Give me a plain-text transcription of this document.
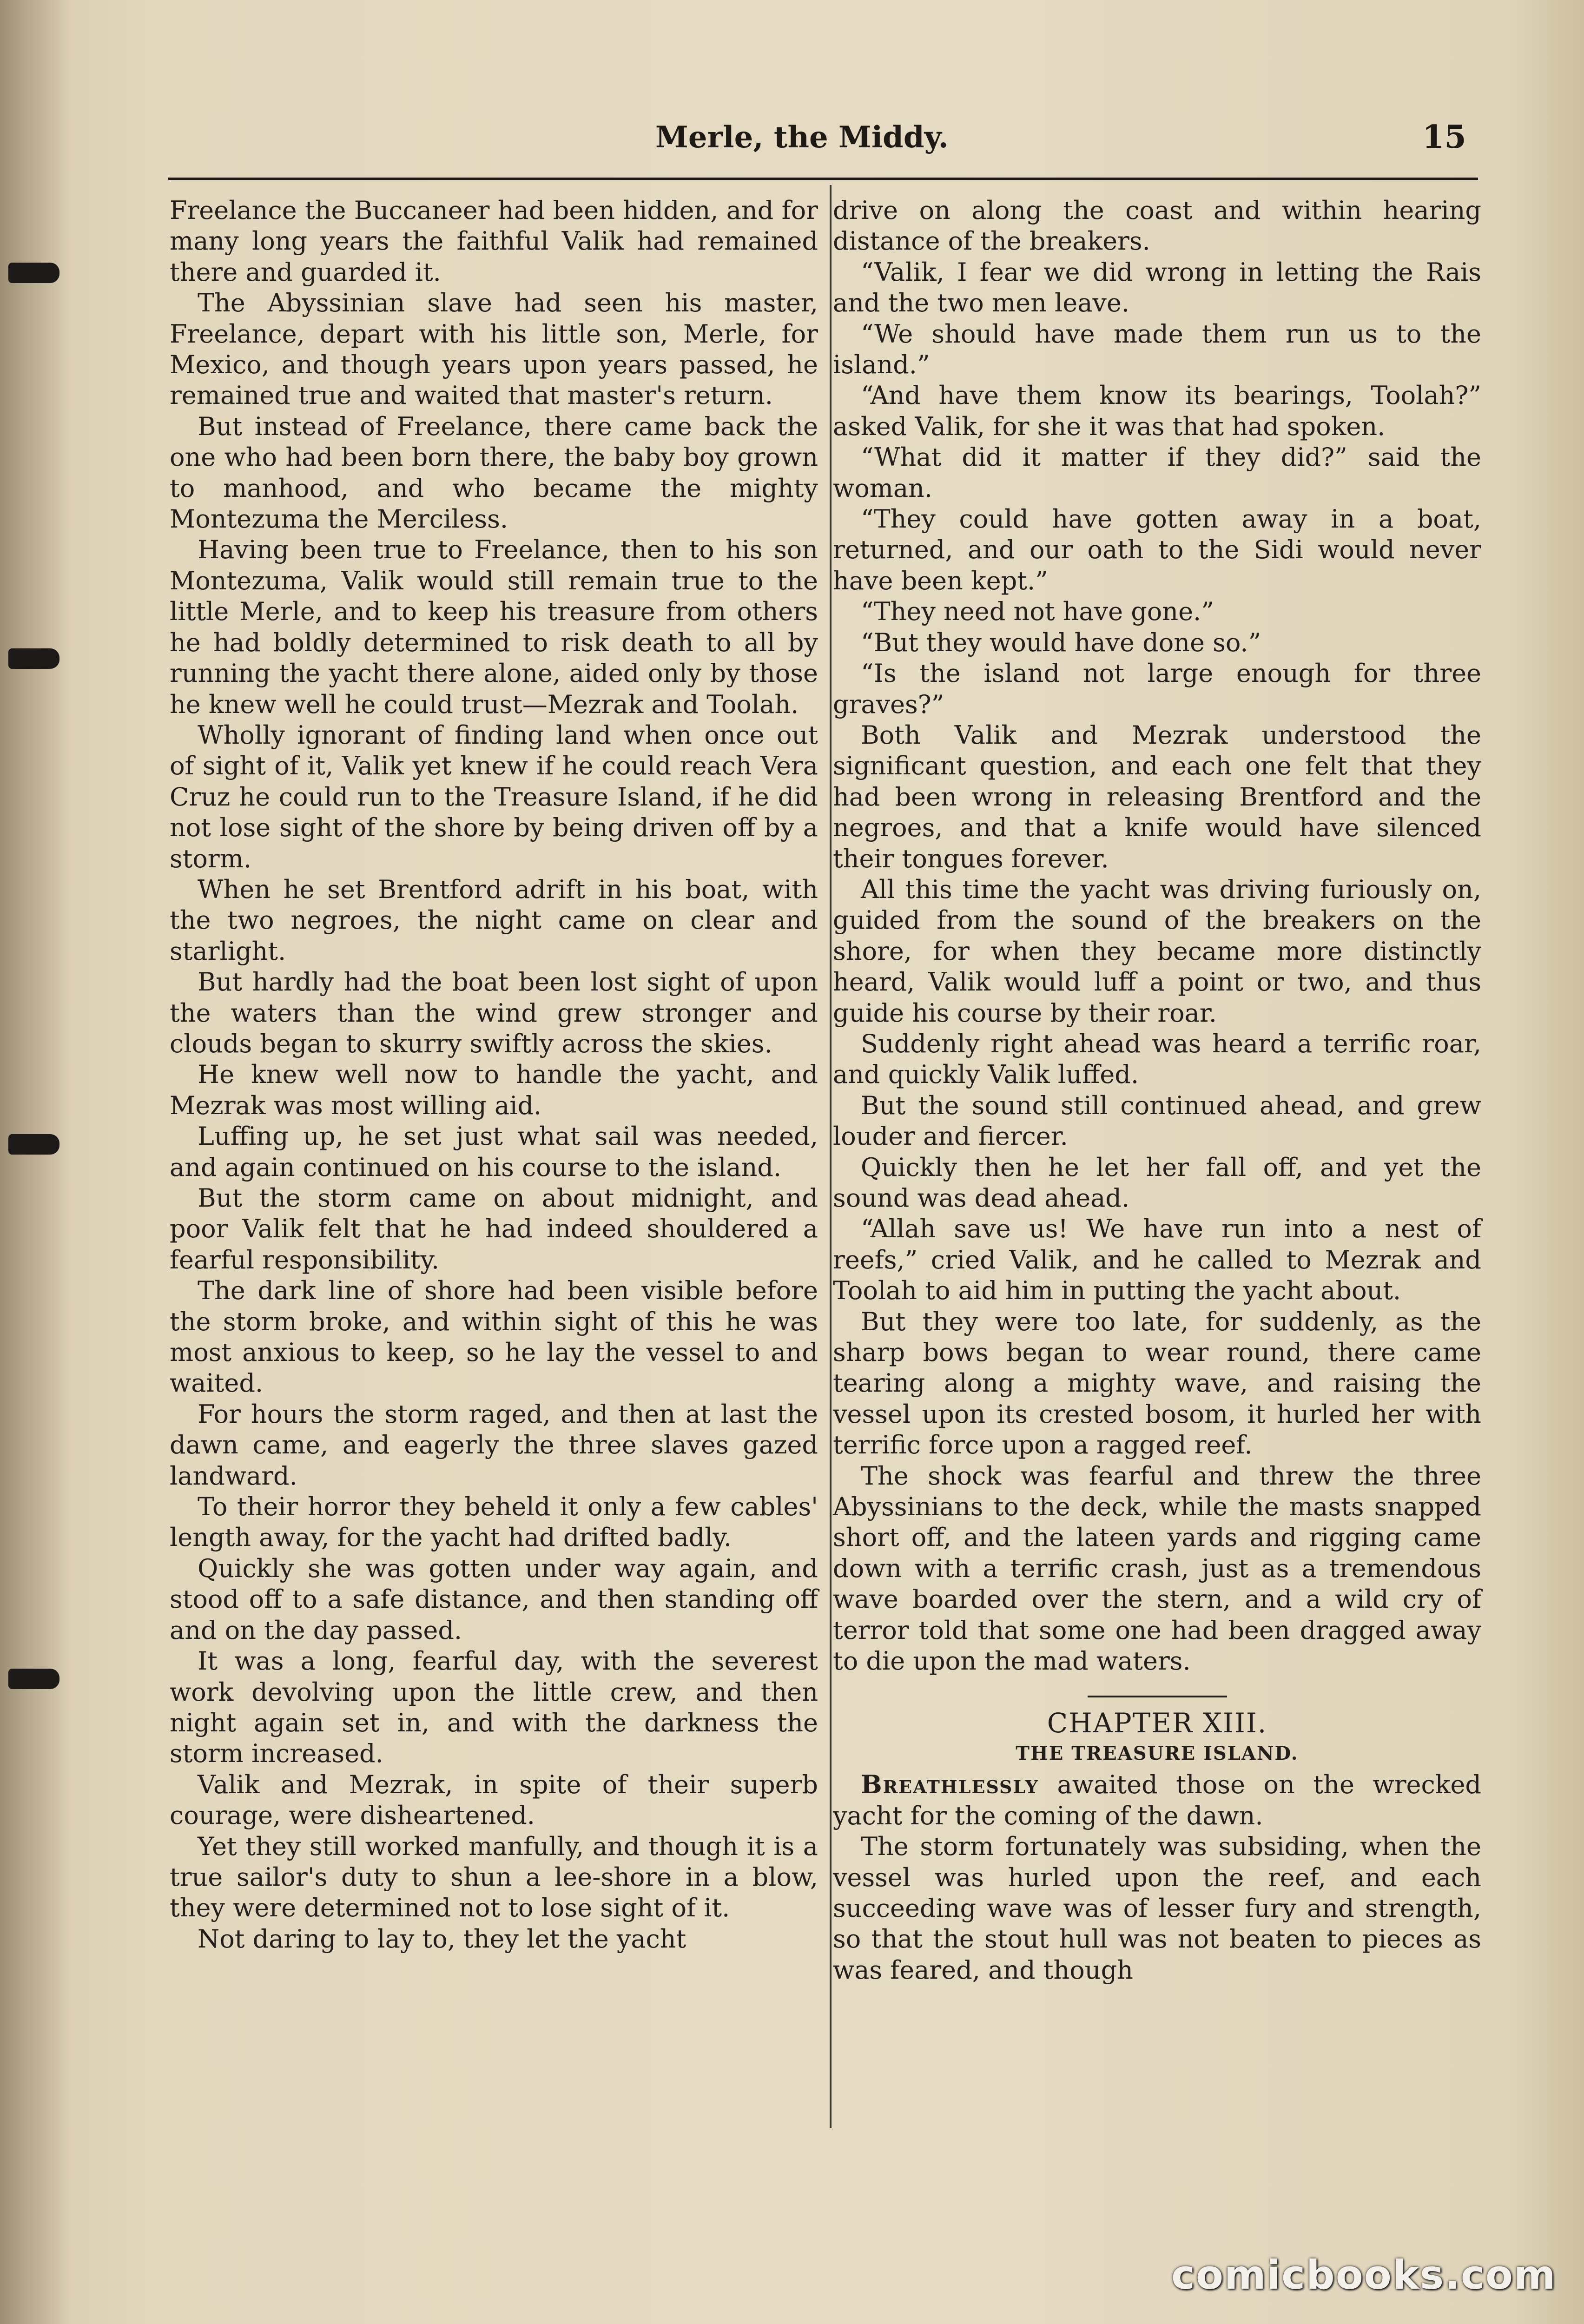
Merle, the Middy.	15

Freelance the Buccaneer had been hidden, and for many long years the faithful Valik had remained there and guarded it.

The Abyssinian slave had seen his master, Freelance, depart with his little son, Merle, for Mexico, and though years upon years passed, he remained true and waited that master's return.

But instead of Freelance, there came back the one who had been born there, the baby boy grown to manhood, and who became the mighty Montezuma the Merciless.

Having been true to Freelance, then to his son Montezuma, Valik would still remain true to the little Merle, and to keep his treasure from others he had boldly determined to risk death to all by running the yacht there alone, aided only by those he knew well he could trust—Mezrak and Toolah.

Wholly ignorant of finding land when once out of sight of it, Valik yet knew if he could reach Vera Cruz he could run to the Treasure Island, if he did not lose sight of the shore by being driven off by a storm.

When he set Brentford adrift in his boat, with the two negroes, the night came on clear and starlight.

But hardly had the boat been lost sight of upon the waters than the wind grew stronger and clouds began to skurry swiftly across the skies.

He knew well now to handle the yacht, and Mezrak was most willing aid.

Luffing up, he set just what sail was needed, and again continued on his course to the island.

But the storm came on about midnight, and poor Valik felt that he had indeed shouldered a fearful responsibility.

The dark line of shore had been visible before the storm broke, and within sight of this he was most anxious to keep, so he lay the vessel to and waited.

For hours the storm raged, and then at last the dawn came, and eagerly the three slaves gazed landward.

To their horror they beheld it only a few cables' length away, for the yacht had drifted badly.

Quickly she was gotten under way again, and stood off to a safe distance, and then standing off and on the day passed.

It was a long, fearful day, with the severest work devolving upon the little crew, and then night again set in, and with the darkness the storm increased.

Valik and Mezrak, in spite of their superb courage, were disheartened.

Yet they still worked manfully, and though it is a true sailor's duty to shun a lee-shore in a blow, they were determined not to lose sight of it.

Not daring to lay to, they let the yacht

drive on along the coast and within hearing distance of the breakers.

“Valik, I fear we did wrong in letting the Rais and the two men leave.

“We should have made them run us to the island.”

“And have them know its bearings, Toolah?” asked Valik, for she it was that had spoken.

“What did it matter if they did?” said the woman.

“They could have gotten away in a boat, returned, and our oath to the Sidi would never have been kept.”

“They need not have gone.”

“But they would have done so.”

“Is the island not large enough for three graves?”

Both Valik and Mezrak understood the significant question, and each one felt that they had been wrong in releasing Brentford and the negroes, and that a knife would have silenced their tongues forever.

All this time the yacht was driving furiously on, guided from the sound of the breakers on the shore, for when they became more distinctly heard, Valik would luff a point or two, and thus guide his course by their roar.

Suddenly right ahead was heard a terrific roar, and quickly Valik luffed.

But the sound still continued ahead, and grew louder and fiercer.

Quickly then he let her fall off, and yet the sound was dead ahead.

“Allah save us! We have run into a nest of reefs,” cried Valik, and he called to Mezrak and Toolah to aid him in putting the yacht about.

But they were too late, for suddenly, as the sharp bows began to wear round, there came tearing along a mighty wave, and raising the vessel upon its crested bosom, it hurled her with terrific force upon a ragged reef.

The shock was fearful and threw the three Abyssinians to the deck, while the masts snapped short off, and the lateen yards and rigging came down with a terrific crash, just as a tremendous wave boarded over the stern, and a wild cry of terror told that some one had been dragged away to die upon the mad waters.

CHAPTER XIII.

THE TREASURE ISLAND.

Breathlessly awaited those on the wrecked yacht for the coming of the dawn.

The storm fortunately was subsiding, when the vessel was hurled upon the reef, and each succeeding wave was of lesser fury and strength, so that the stout hull was not beaten to pieces as was feared, and though

comicbooks.com
